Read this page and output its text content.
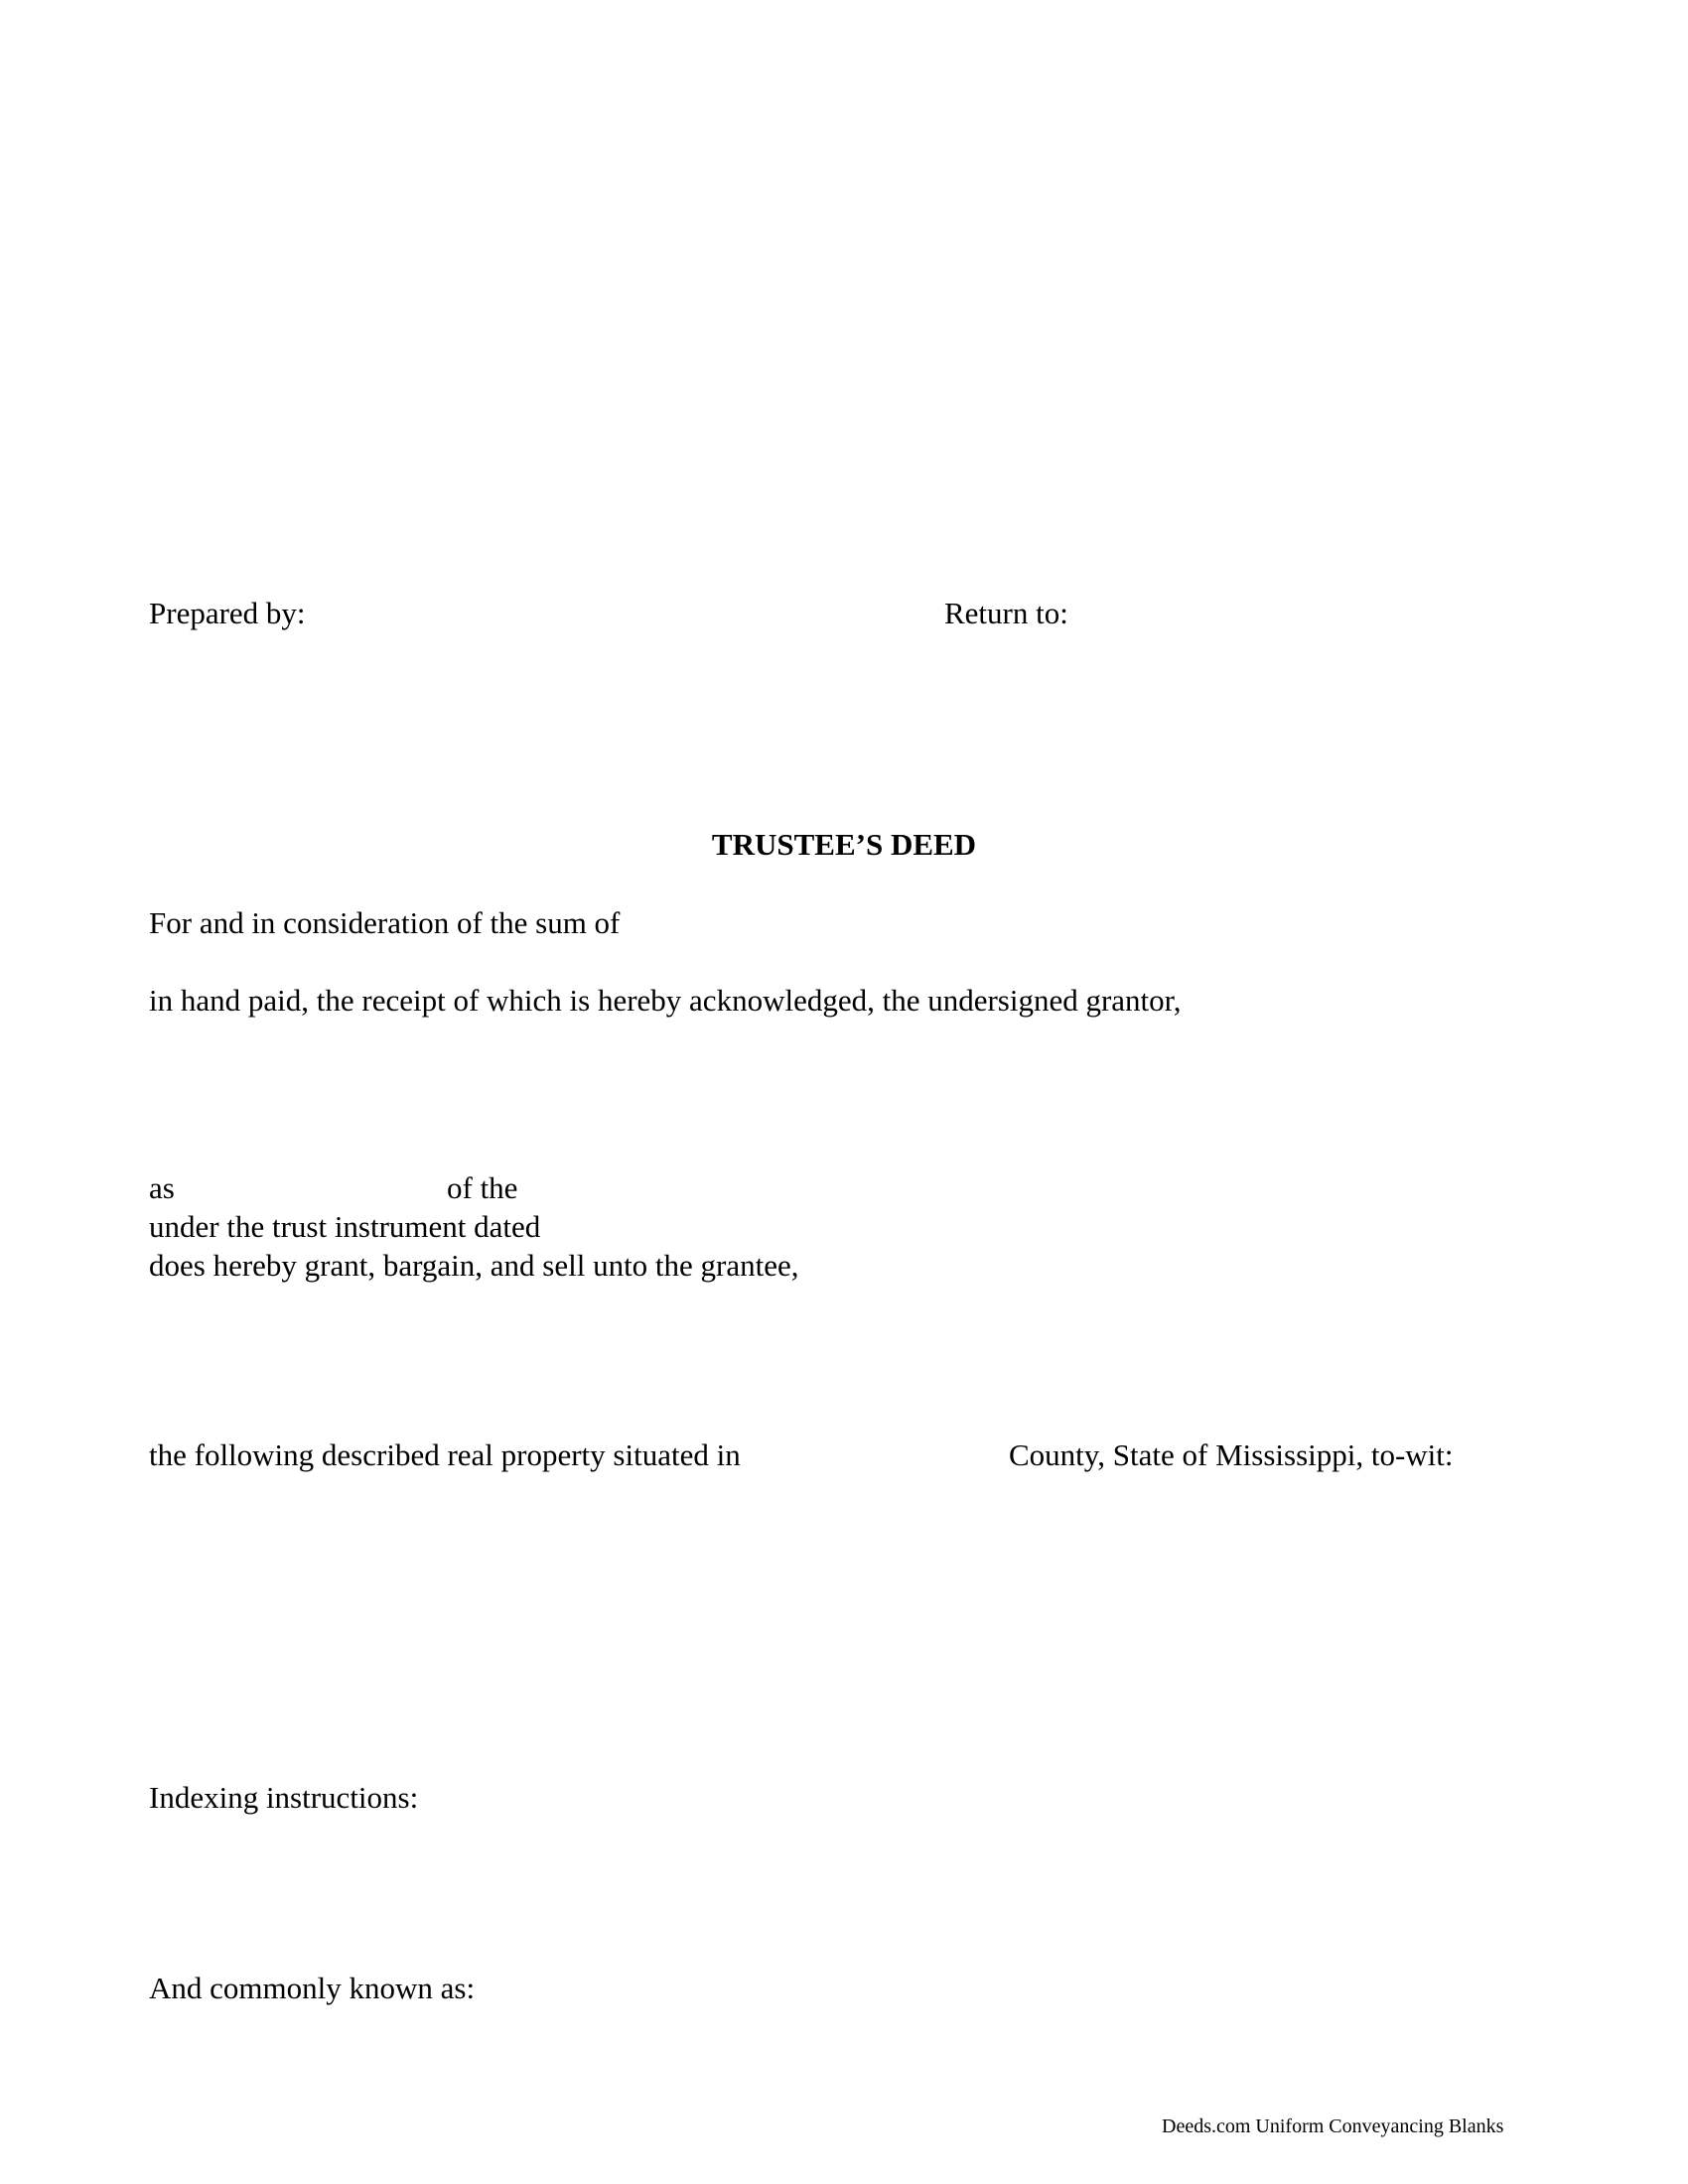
Prepared by:	Return to:
TRUSTEE’S DEED
For and in consideration of the sum of
in hand paid, the receipt of which is hereby acknowledged, the undersigned grantor,
as	of the
under the trust instrument dated
does hereby grant, bargain, and sell unto the grantee,
the following described real property situated in	County, State of Mississippi, to-wit:
Indexing instructions:
And commonly known as:
Deeds.com Uniform Conveyancing Blanks
